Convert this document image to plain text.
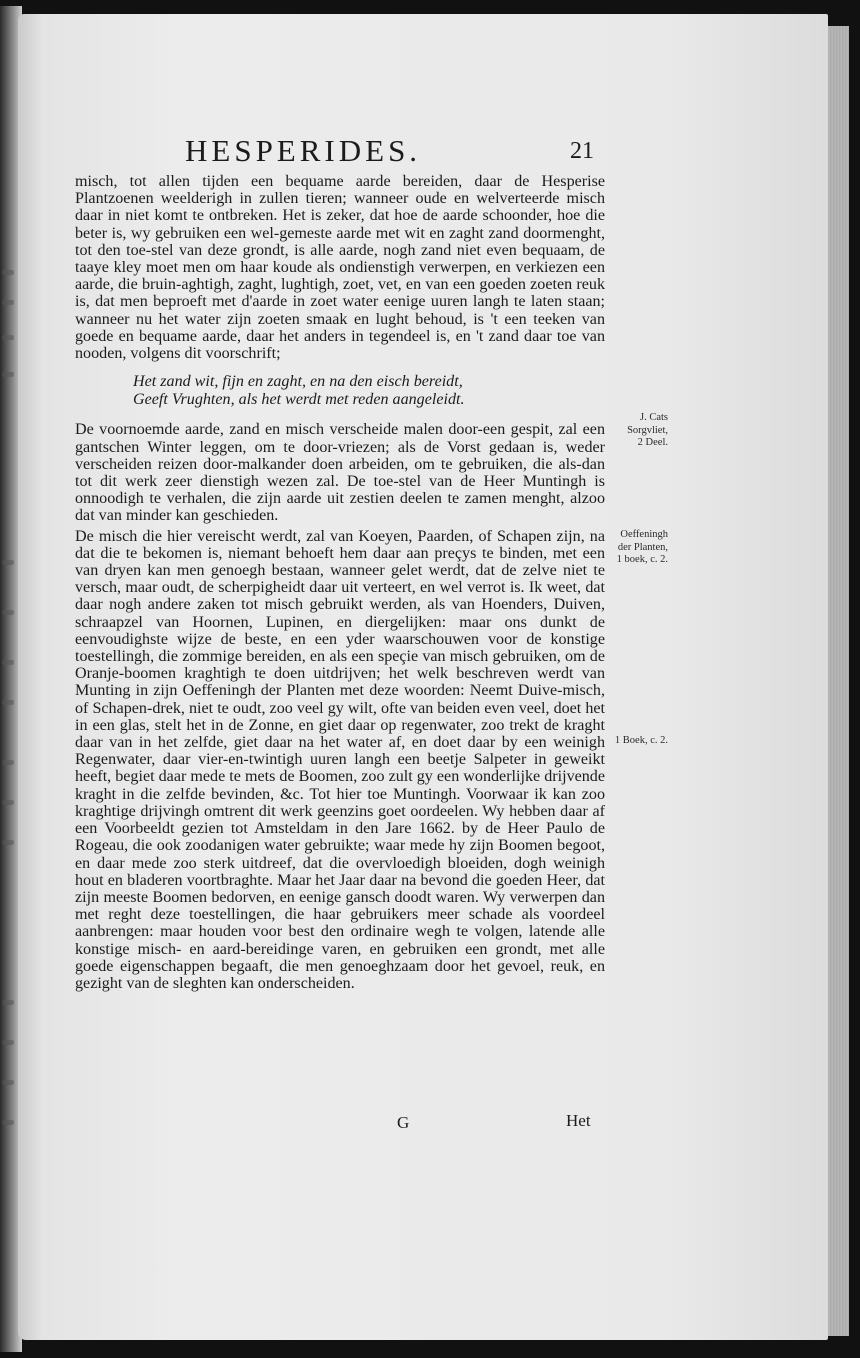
HESPERIDES.	21

misch, tot allen tijden een bequame aarde bereiden, daar de Hesperise Plantzoenen weelderigh in zullen tieren; wanneer oude en welverteerde misch daar in niet komt te ontbreken. Het is zeker, dat hoe de aarde schoonder, hoe die beter is, wy gebruiken een wel-gemeste aarde met wit en zaght zand doormenght, tot den toe-stel van deze grondt, is alle aarde, nogh zand niet even bequaam, de taaye kley moet men om haar koude als ondienstigh verwerpen, en verkiezen een aarde, die bruin-aghtigh, zaght, lughtigh, zoet, vet, en van een goeden zoeten reuk is, dat men beproeft met d'aarde in zoet water eenige uuren langh te laten staan; wanneer nu het water zijn zoeten smaak en lught behoud, is 't een teeken van goede en bequame aarde, daar het anders in tegendeel is, en 't zand daar toe van nooden, volgens dit voorschrift;

Het zand wit, fijn en zaght, en na den eisch bereidt,
Geeft Vrughten, als het werdt met reden aangeleidt.

De voornoemde aarde, zand en misch verscheide malen door-een gespit, zal een gantschen Winter leggen, om te door-vriezen; als de Vorst gedaan is, weder verscheiden reizen door-malkander doen arbeiden, om te gebruiken, die als-dan tot dit werk zeer dienstigh wezen zal. De toe-stel van de Heer Muntingh is onnoodigh te verhalen, die zijn aarde uit zestien deelen te zamen menght, alzoo dat van minder kan geschieden.

De misch die hier vereischt werdt, zal van Koeyen, Paarden, of Schapen zijn, na dat die te bekomen is, niemant behoeft hem daar aan preçys te binden, met een van dryen kan men genoegh bestaan, wanneer gelet werdt, dat de zelve niet te versch, maar oudt, de scherpigheidt daar uit verteert, en wel verrot is. Ik weet, dat daar nogh andere zaken tot misch gebruikt werden, als van Hoenders, Duiven, schraapzel van Hoornen, Lupinen, en diergelijken: maar ons dunkt de eenvoudighste wijze de beste, en een yder waarschouwen voor de konstige toestellingh, die zommige bereiden, en als een speçie van misch gebruiken, om de Oranje-boomen kraghtigh te doen uitdrijven; het welk beschreven werdt van Munting in zijn Oeffeningh der Planten met deze woorden: Neemt Duive-misch, of Schapen-drek, niet te oudt, zoo veel gy wilt, ofte van beiden even veel, doet het in een glas, stelt het in de Zonne, en giet daar op regenwater, zoo trekt de kraght daar van in het zelfde, giet daar na het water af, en doet daar by een weinigh Regenwater, daar vier-en-twintigh uuren langh een beetje Salpeter in geweikt heeft, begiet daar mede te mets de Boomen, zoo zult gy een wonderlijke drijvende kraght in die zelfde bevinden, &c. Tot hier toe Muntingh. Voorwaar ik kan zoo kraghtige drijvingh omtrent dit werk geenzins goet oordeelen. Wy hebben daar af een Voorbeeldt gezien tot Amsteldam in den Jare 1662. by de Heer Paulo de Rogeau, die ook zoodanigen water gebruikte; waar mede hy zijn Boomen begoot, en daar mede zoo sterk uitdreef, dat die overvloedigh bloeiden, dogh weinigh hout en bladeren voortbraghte. Maar het Jaar daar na bevond die goeden Heer, dat zijn meeste Boomen bedorven, en eenige gansch doodt waren. Wy verwerpen dan met reght deze toestellingen, die haar gebruikers meer schade als voordeel aanbrengen: maar houden voor best den ordinaire wegh te volgen, latende alle konstige misch- en aard-bereidinge varen, en gebruiken een grondt, met alle goede eigenschappen begaaft, die men genoeghzaam door het gevoel, reuk, en gezight van de sleghten kan onderscheiden.

J. Cats
Sorgvliet,
2 Deel.
Oeffeningh
der Planten,
1 boek, c. 2.
1 Boek, c. 2.
G	Het
